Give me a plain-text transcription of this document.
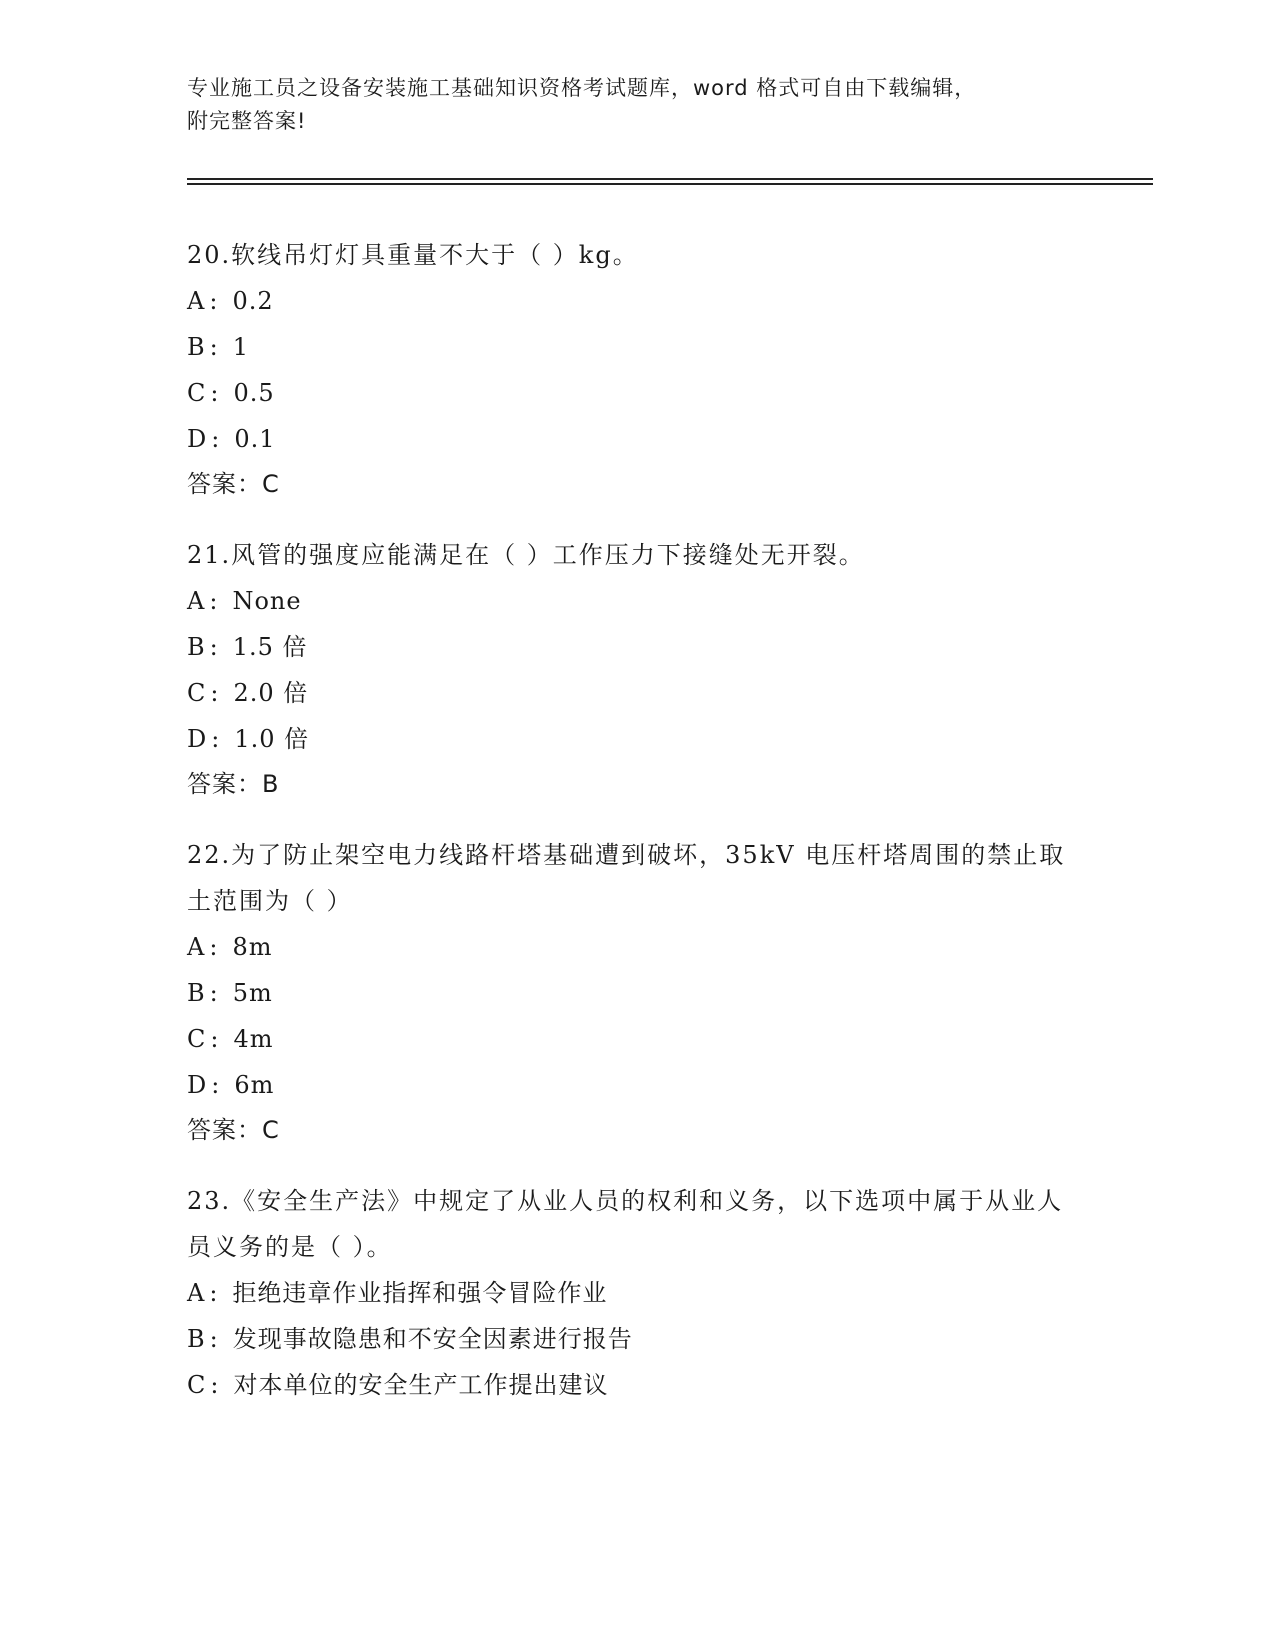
专业施工员之设备安装施工基础知识资格考试题库，word 格式可自由下载编辑，
附完整答案!
20.软线吊灯灯具重量不大于（ ）kg。
A : 0.2
B : 1
C : 0.5
D : 0.1
答案：C
21.风管的强度应能满足在（ ）工作压力下接缝处无开裂。
A : None
B : 1.5 倍
C : 2.0 倍
D : 1.0 倍
答案：B
22.为了防止架空电力线路杆塔基础遭到破坏，35kV 电压杆塔周围的禁止取土范围为（ ）
A : 8m
B : 5m
C : 4m
D : 6m
答案：C
23.《安全生产法》中规定了从业人员的权利和义务，以下选项中属于从业人员义务的是（ ）。
A : 拒绝违章作业指挥和强令冒险作业
B : 发现事故隐患和不安全因素进行报告
C : 对本单位的安全生产工作提出建议
